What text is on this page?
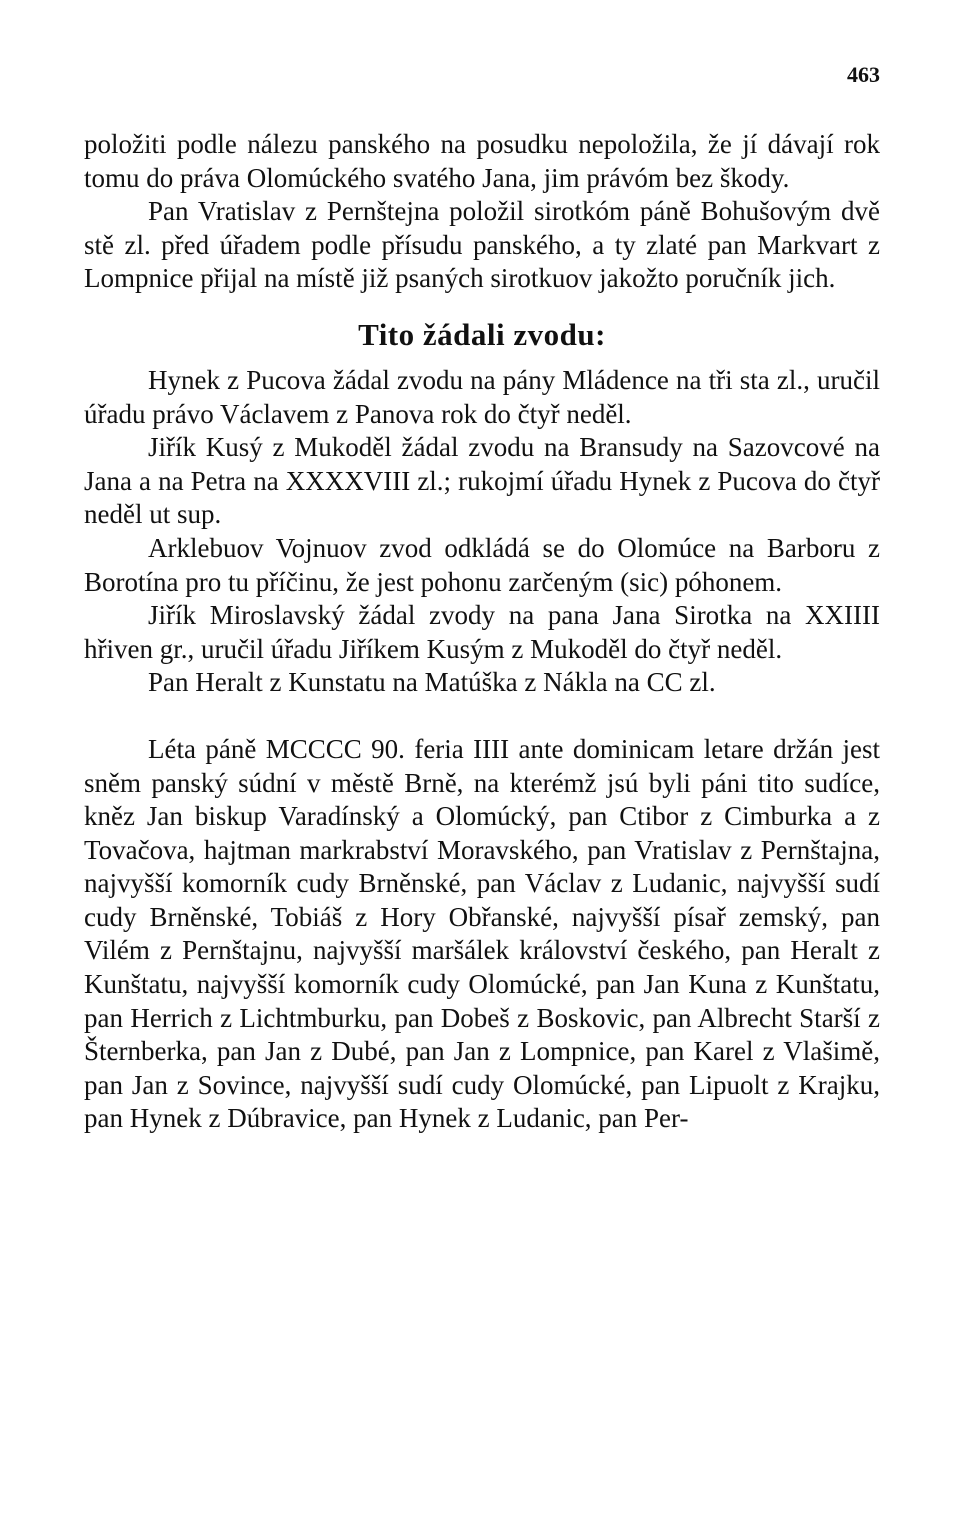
463

položiti podle nálezu panského na posudku nepoložila, že jí dávají rok tomu do práva Olomúckého svatého Jana, jim právóm bez škody.

Pan Vratislav z Pernštejna položil sirotkóm páně Bohušovým dvě stě zl. před úřadem podle přísudu panského, a ty zlaté pan Markvart z Lompnice přijal na místě již psaných sirotkuov jakožto poručník jich.

Tito žádali zvodu:

Hynek z Pucova žádal zvodu na pány Mládence na tři sta zl., uručil úřadu právo Václavem z Panova rok do čtyř neděl.

Jiřík Kusý z Mukoděl žádal zvodu na Bransudy na Sazovcové na Jana a na Petra na XXXXVIII zl.; rukojmí úřadu Hynek z Pucova do čtyř neděl ut sup.

Arklebuov Vojnuov zvod odkládá se do Olomúce na Barboru z Borotína pro tu příčinu, že jest pohonu zarčeným (sic) póhonem.

Jiřík Miroslavský žádal zvody na pana Jana Sirotka na XXIIII hřiven gr., uručil úřadu Jiříkem Kusým z Mukoděl do čtyř neděl.

Pan Heralt z Kunstatu na Matúška z Nákla na CC zl.

Léta páně MCCCC 90. feria IIII ante dominicam letare držán jest sněm panský súdní v městě Brně, na kterémž jsú byli páni tito sudíce, kněz Jan biskup Varadínský a Olomúcký, pan Ctibor z Cimburka a z Tovačova, hajtman markrabství Moravského, pan Vratislav z Pernštajna, najvyšší komorník cudy Brněnské, pan Václav z Ludanic, najvyšší sudí cudy Brněnské, Tobiáš z Hory Obřanské, najvyšší písař zemský, pan Vilém z Pernštajnu, najvyšší maršálek království českého, pan Heralt z Kunštatu, najvyšší komorník cudy Olomúcké, pan Jan Kuna z Kunštatu, pan Herrich z Lichtmburku, pan Dobeš z Boskovic, pan Albrecht Starší z Šternberka, pan Jan z Dubé, pan Jan z Lompnice, pan Karel z Vlašimě, pan Jan z Sovince, najvyšší sudí cudy Olomúcké, pan Lipuolt z Krajku, pan Hynek z Dúbravice, pan Hynek z Ludanic, pan Per-
